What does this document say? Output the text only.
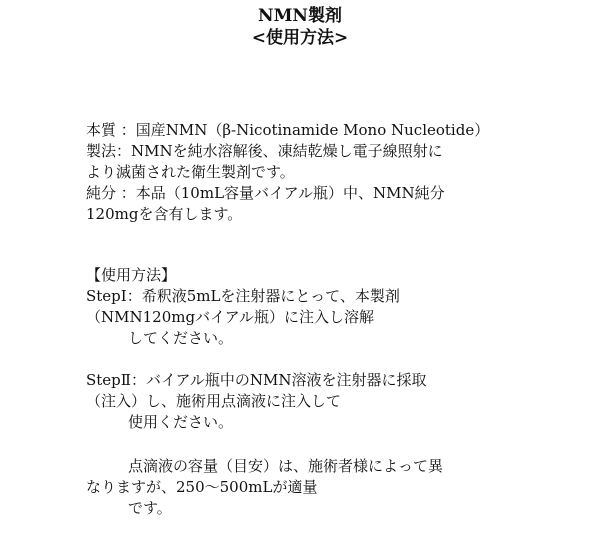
NMN製剤

<使用方法>

本質 ：国産NMN（β-Nicotinamide Mono Nucleotide）

製法：NMNを純水溶解後、凍結乾燥し電子線照射に

より滅菌された衛生製剤です。

純分 ：本品（10mL容量バイアル瓶）中、NMN純分

120mgを含有します。

【使用方法】

StepⅠ：希釈液5mLを注射器にとって、本製剤

（NMN120mgバイアル瓶）に注入し溶解

してください。

StepⅡ：バイアル瓶中のNMN溶液を注射器に採取

（注入）し、施術用点滴液に注入して

使用ください。

点滴液の容量（目安）は、施術者様によって異

なりますが、250～500mLが適量

です。
